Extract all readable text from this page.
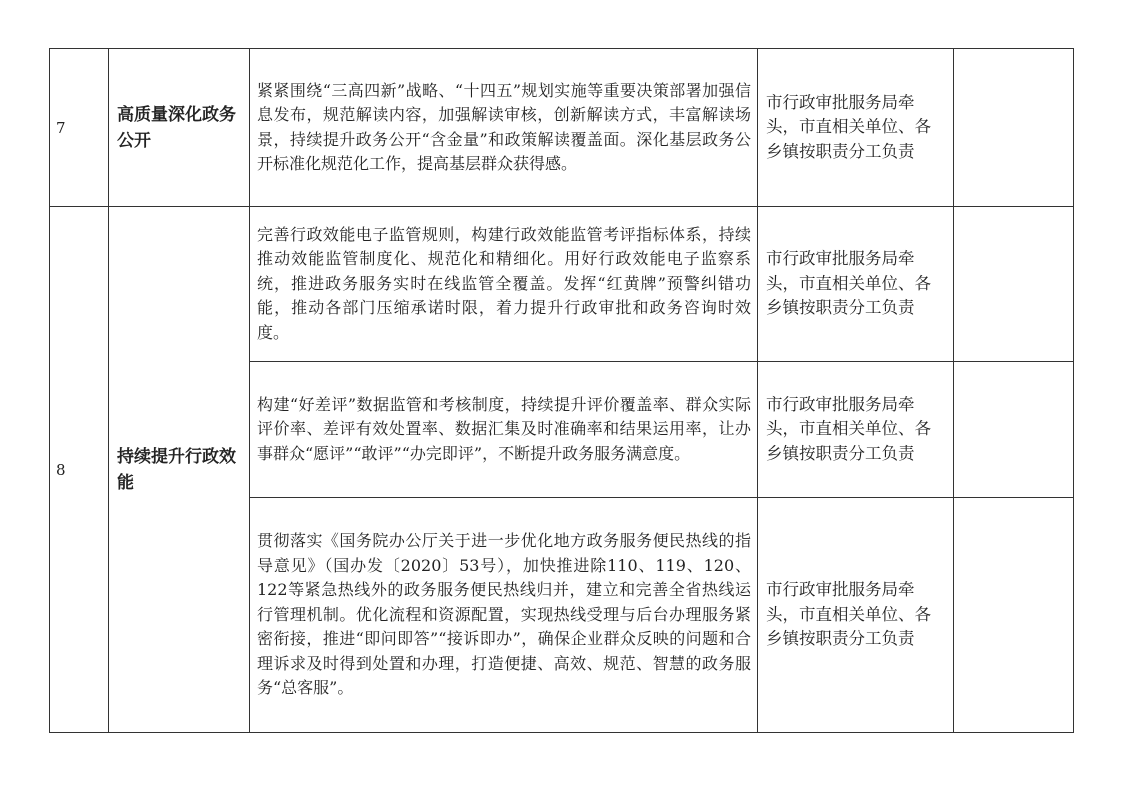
7	高质量深化政务公开	紧紧围绕“三高四新”战略、“十四五”规划实施等重要决策部署加强信息发布，规范解读内容，加强解读审核，创新解读方式，丰富解读场景，持续提升政务公开“含金量”和政策解读覆盖面。深化基层政务公开标准化规范化工作，提高基层群众获得感。	市行政审批服务局牵头，市直相关单位、各乡镇按职责分工负责	
8	持续提升行政效能	完善行政效能电子监管规则，构建行政效能监管考评指标体系，持续推动效能监管制度化、规范化和精细化。用好行政效能电子监察系统，推进政务服务实时在线监管全覆盖。发挥“红黄牌”预警纠错功能，推动各部门压缩承诺时限，着力提升行政审批和政务咨询时效度。	市行政审批服务局牵头，市直相关单位、各乡镇按职责分工负责	
		构建“好差评”数据监管和考核制度，持续提升评价覆盖率、群众实际评价率、差评有效处置率、数据汇集及时准确率和结果运用率，让办事群众“愿评”“敢评”“办完即评”，不断提升政务服务满意度。	市行政审批服务局牵头，市直相关单位、各乡镇按职责分工负责	
		贯彻落实《国务院办公厅关于进一步优化地方政务服务便民热线的指导意见》（国办发〔2020〕53号），加快推进除110、119、120、122等紧急热线外的政务服务便民热线归并，建立和完善全省热线运行管理机制。优化流程和资源配置，实现热线受理与后台办理服务紧密衔接，推进“即问即答”“接诉即办”，确保企业群众反映的问题和合理诉求及时得到处置和办理，打造便捷、高效、规范、智慧的政务服务“总客服”。	市行政审批服务局牵头，市直相关单位、各乡镇按职责分工负责	
